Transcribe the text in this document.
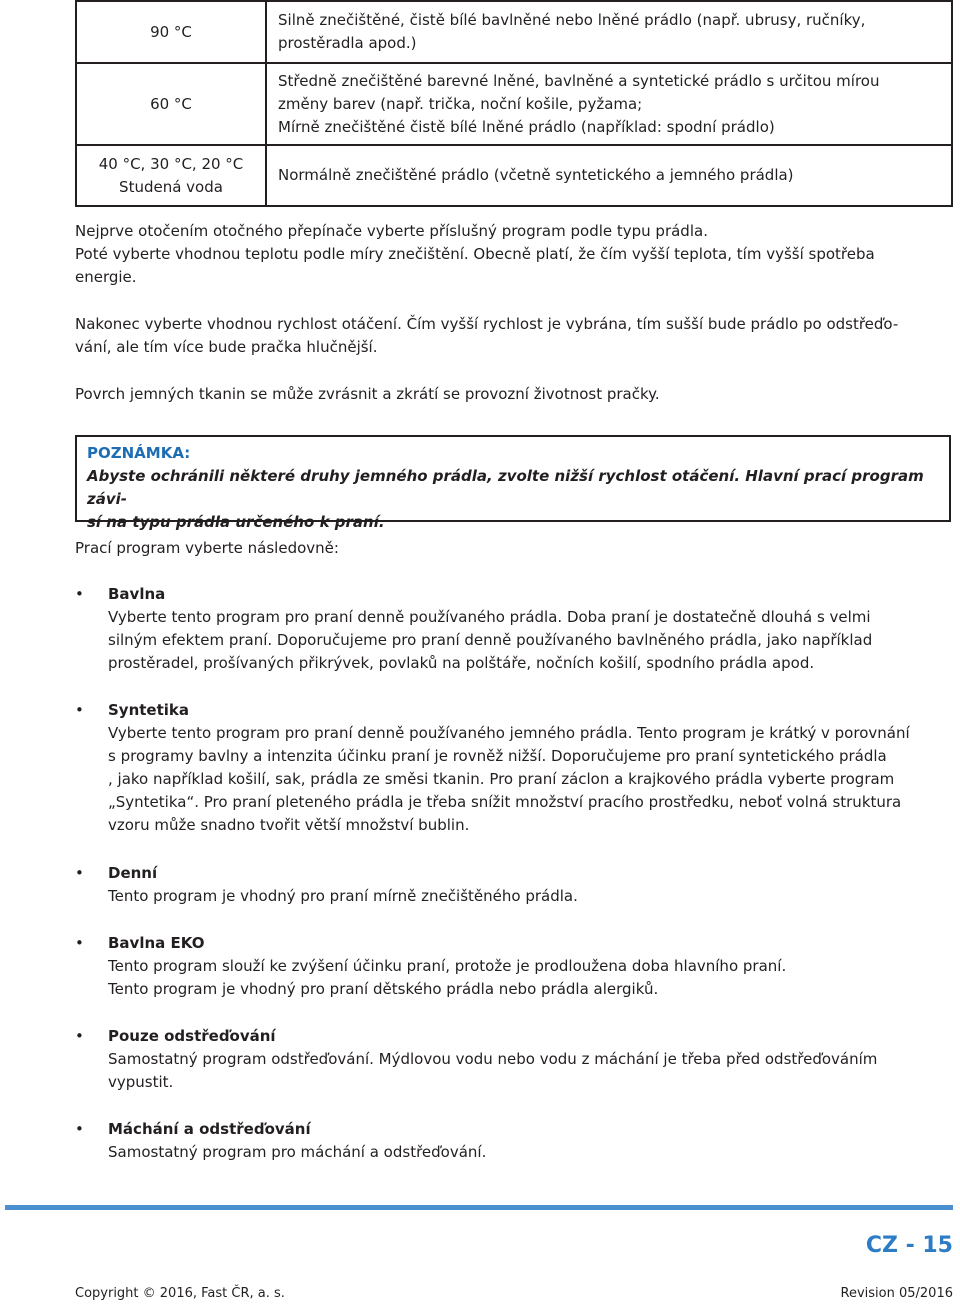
90 °C	Silně znečištěné, čistě bílé bavlněné nebo lněné prádlo (např. ubrusy, ručníky,
prostěradla apod.)

60 °C	Středně znečištěné barevné lněné, bavlněné a syntetické prádlo s určitou mírou
změny barev (např. trička, noční košile, pyžama;
Mírně znečištěné čistě bílé lněné prádlo (například: spodní prádlo)

40 °C, 30 °C, 20 °C
Studená voda	Normálně znečištěné prádlo (včetně syntetického a jemného prádla)
Nejprve otočením otočného přepínače vyberte příslušný program podle typu prádla.
Poté vyberte vhodnou teplotu podle míry znečištění. Obecně platí, že čím vyšší teplota, tím vyšší spotřeba
energie.
Nakonec vyberte vhodnou rychlost otáčení. Čím vyšší rychlost je vybrána, tím sušší bude prádlo po odstřeďo-
vání, ale tím více bude pračka hlučnější.
Povrch jemných tkanin se může zvrásnit a zkrátí se provozní životnost pračky.

POZNÁMKA:

Abyste ochránili některé druhy jemného prádla, zvolte nižší rychlost otáčení. Hlavní prací program závi-

sí na typu prádla určeného k praní.

Prací program vyberte následovně:
•	Bavlna

Vyberte tento program pro praní denně používaného prádla. Doba praní je dostatečně dlouhá s velmi

silným efektem praní. Doporučujeme pro praní denně používaného bavlněného prádla, jako například

prostěradel, prošívaných přikrývek, povlaků na polštáře, nočních košilí, spodního prádla apod.

•	Syntetika

Vyberte tento program pro praní denně používaného jemného prádla. Tento program je krátký v porovnání

s programy bavlny a intenzita účinku praní je rovněž nižší. Doporučujeme pro praní syntetického prádla

, jako například košilí, sak, prádla ze směsi tkanin. Pro praní záclon a krajkového prádla vyberte program

„Syntetika“. Pro praní pleteného prádla je třeba snížit množství pracího prostředku, neboť volná struktura

vzoru může snadno tvořit větší množství bublin.

•	Denní

Tento program je vhodný pro praní mírně znečištěného prádla.

•	Bavlna EKO

Tento program slouží ke zvýšení účinku praní, protože je prodloužena doba hlavního praní.

Tento program je vhodný pro praní dětského prádla nebo prádla alergiků.

•	Pouze odstřeďování

Samostatný program odstřeďování. Mýdlovou vodu nebo vodu z máchání je třeba před odstřeďováním

vypustit.

•	Máchání a odstřeďování

Samostatný program pro máchání a odstřeďování.

CZ - 15
Copyright © 2016, Fast ČR, a. s.	Revision 05/2016
